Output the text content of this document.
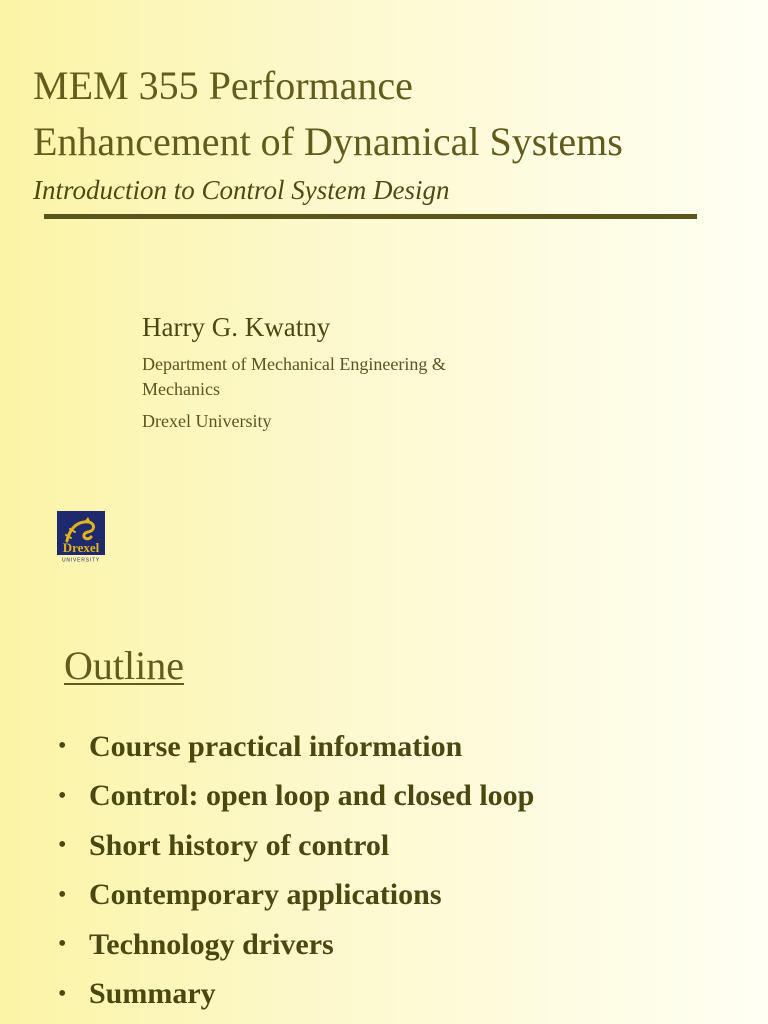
MEM 355 Performance
Enhancement of Dynamical Systems
Introduction to Control System Design
Harry G. Kwatny
Department of Mechanical Engineering &
Mechanics
Drexel University
Drexel
UNIVERSITY
Outline
• Course practical information
• Control: open loop and closed loop
• Short history of control
• Contemporary applications
• Technology drivers
• Summary
